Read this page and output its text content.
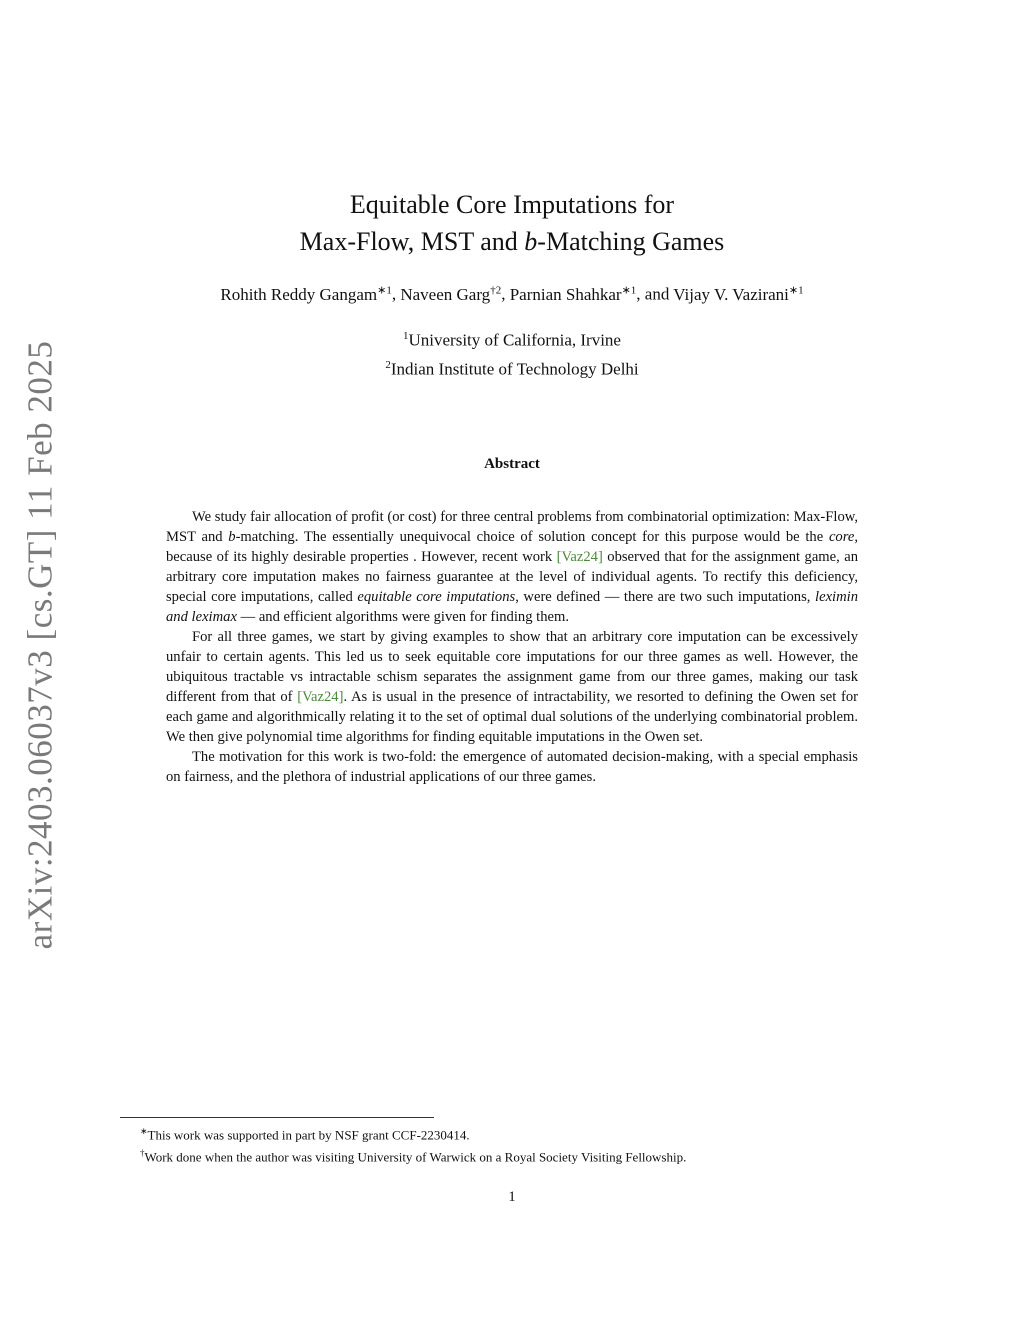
arXiv:2403.06037v3 [cs.GT] 11 Feb 2025
Equitable Core Imputations for
Max-Flow, MST and b-Matching Games
Rohith Reddy Gangam$^{∗1}$, Naveen Garg$^{\dagger 2}$, Parnian Shahkar$^{∗1}$, and Vijay V. Vazirani$^{∗1}$
$^1$University of California, Irvine
$^2$Indian Institute of Technology Delhi
Abstract

We study fair allocation of profit (or cost) for three central problems from combinatorial optimization: Max-Flow, MST and b-matching. The essentially unequivocal choice of solution concept for this purpose would be the core, because of its highly desirable properties . However, recent work [Vaz24] observed that for the assignment game, an arbitrary core imputation makes no fairness guarantee at the level of individual agents. To rectify this deficiency, special core imputations, called equitable core imputations, were defined — there are two such imputations, leximin and leximax — and efficient algorithms were given for finding them.

For all three games, we start by giving examples to show that an arbitrary core imputation can be excessively unfair to certain agents. This led us to seek equitable core imputations for our three games as well. However, the ubiquitous tractable vs intractable schism separates the assignment game from our three games, making our task different from that of [Vaz24]. As is usual in the presence of intractability, we resorted to defining the Owen set for each game and algorithmically relating it to the set of optimal dual solutions of the underlying combinatorial problem. We then give polynomial time algorithms for finding equitable imputations in the Owen set.

The motivation for this work is two-fold: the emergence of automated decision-making, with a special emphasis on fairness, and the plethora of industrial applications of our three games.

∗This work was supported in part by NSF grant CCF-2230414.
†Work done when the author was visiting University of Warwick on a Royal Society Visiting Fellowship.
1
